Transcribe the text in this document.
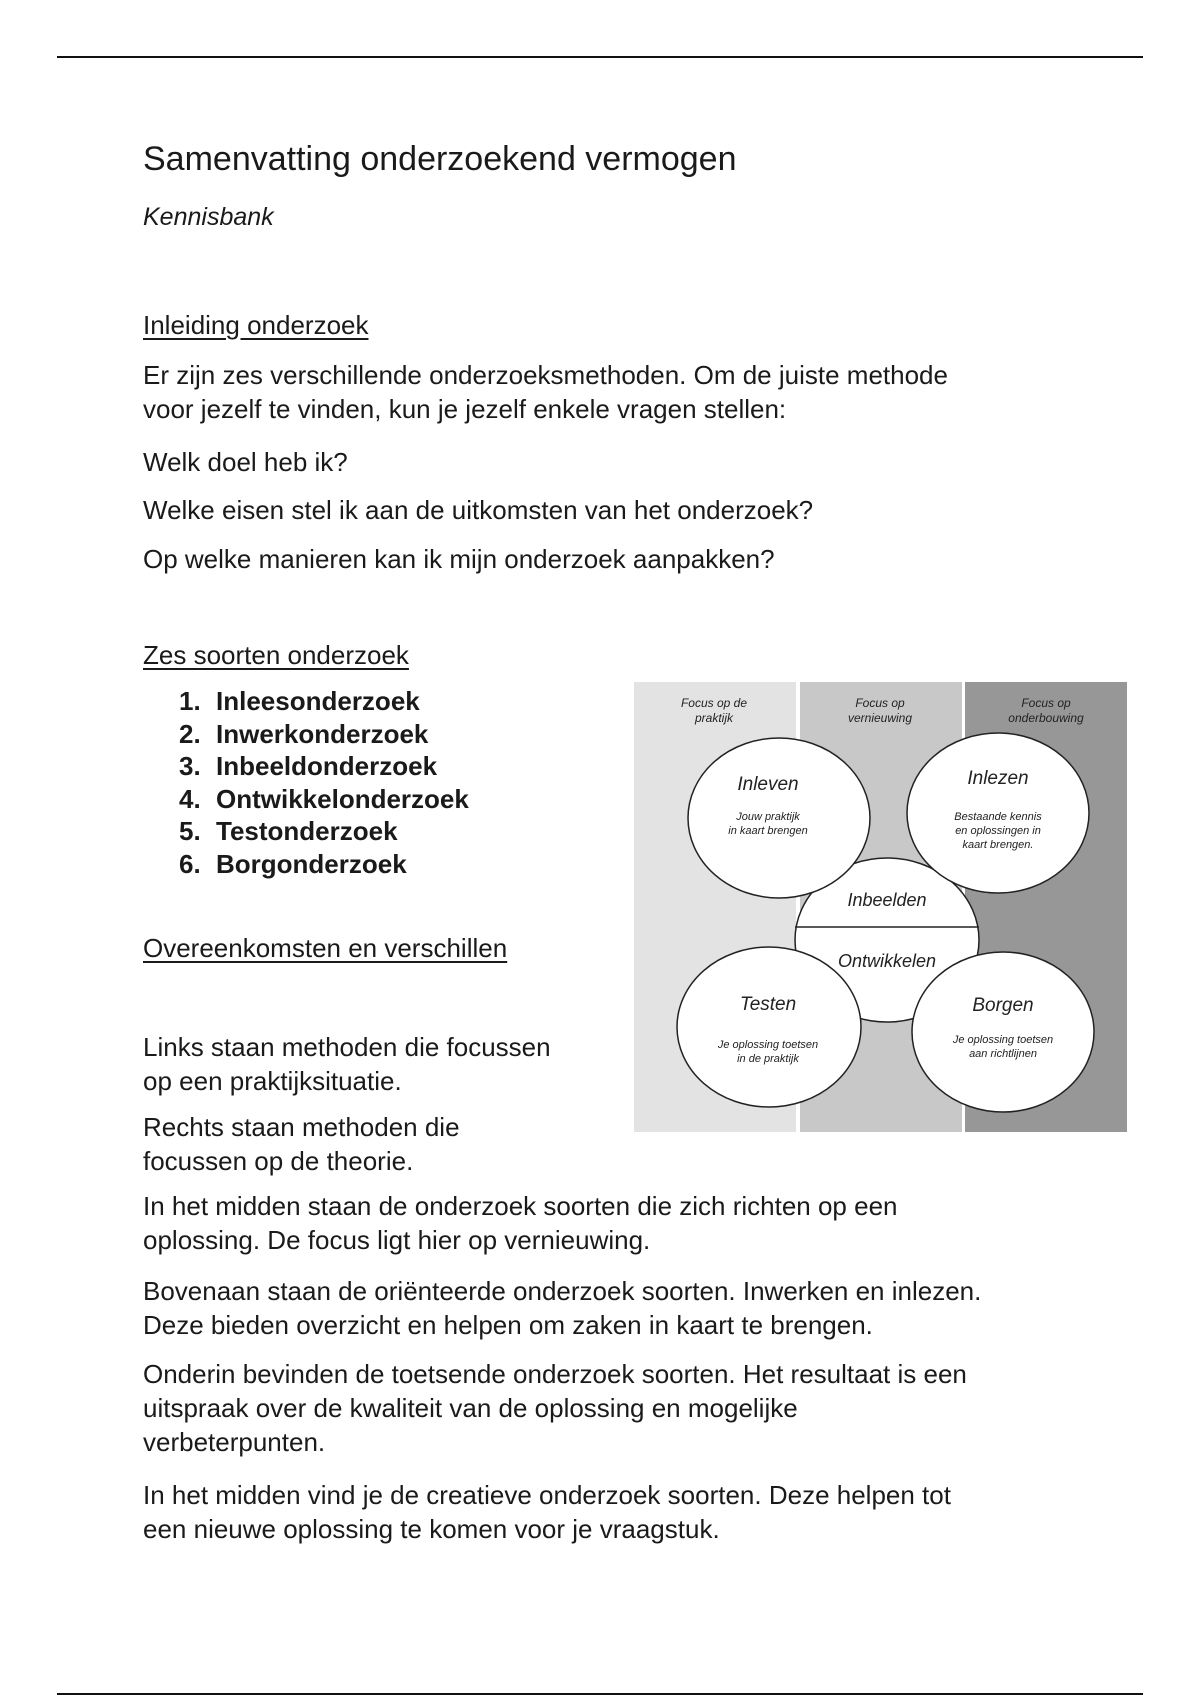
Samenvatting onderzoekend vermogen
Kennisbank
Inleiding onderzoek
Er zijn zes verschillende onderzoeksmethoden. Om de juiste methode
voor jezelf te vinden, kun je jezelf enkele vragen stellen:
Welk doel heb ik?
Welke eisen stel ik aan de uitkomsten van het onderzoek?
Op welke manieren kan ik mijn onderzoek aanpakken?
Zes soorten onderzoek
1. Inleesonderzoek
2. Inwerkonderzoek
3. Inbeeldonderzoek
4. Ontwikkelonderzoek
5. Testonderzoek
6. Borgonderzoek
Overeenkomsten en verschillen
Links staan methoden die focussen
op een praktijksituatie.
Rechts staan methoden die
focussen op de theorie.
In het midden staan de onderzoek soorten die zich richten op een
oplossing. De focus ligt hier op vernieuwing.
Bovenaan staan de oriënteerde onderzoek soorten. Inwerken en inlezen.
Deze bieden overzicht en helpen om zaken in kaart te brengen.
Onderin bevinden de toetsende onderzoek soorten. Het resultaat is een
uitspraak over de kwaliteit van de oplossing en mogelijke
verbeterpunten.
In het midden vind je de creatieve onderzoek soorten. Deze helpen tot
een nieuwe oplossing te komen voor je vraagstuk.
Focus op de
praktijk
Focus op
vernieuwing
Focus op
onderbouwing
Inleven
Jouw praktijk
in kaart brengen
Inlezen
Bestaande kennis
en oplossingen in
kaart brengen.
Inbeelden
Ontwikkelen
Testen
Je oplossing toetsen
in de praktijk
Borgen
Je oplossing toetsen
aan richtlijnen
